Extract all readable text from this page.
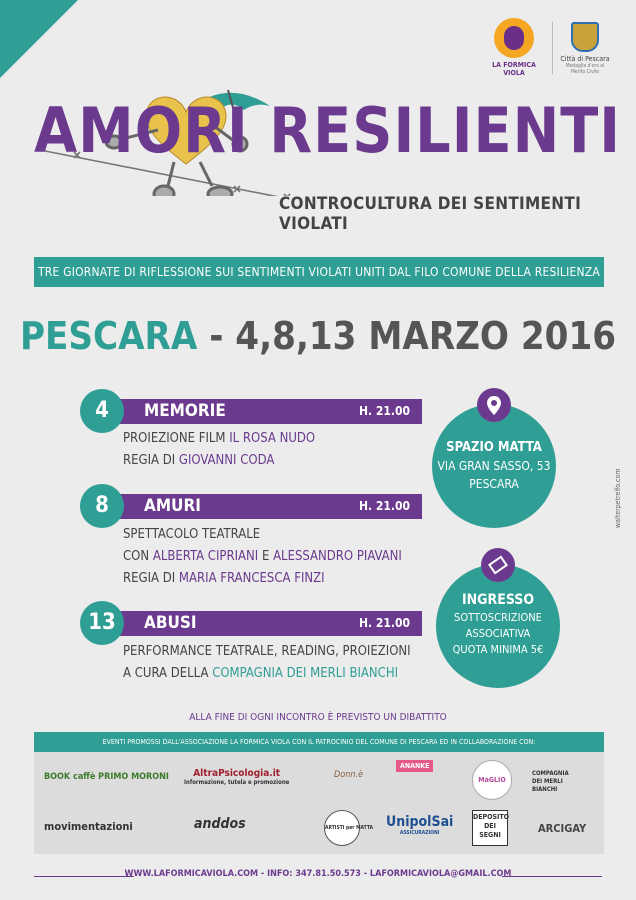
LA FORMICA VIOLA
Città di Pescara
Medaglia d'oro al Merito Civile
AMORI RESILIENTI
CONTROCULTURA DEI SENTIMENTI VIOLATI
TRE GIORNATE DI RIFLESSIONE SUI SENTIMENTI VIOLATI UNITI DAL FILO COMUNE DELLA RESILIENZA
PESCARA - 4,8,13 MARZO 2016
4	MEMORIE	H. 21.00
PROIEZIONE FILM IL ROSA NUDO
REGIA DI GIOVANNI CODA
8	AMURI	H. 21.00
SPETTACOLO TEATRALE
CON ALBERTA CIPRIANI E ALESSANDRO PIAVANI
REGIA DI MARIA FRANCESCA FINZI
13	ABUSI	H. 21.00
PERFORMANCE TEATRALE, READING, PROIEZIONI
A CURA DELLA COMPAGNIA DEI MERLI BIANCHI
SPAZIO MATTA
VIA GRAN SASSO, 53
PESCARA
INGRESSO
SOTTOSCRIZIONE
ASSOCIATIVA
QUOTA MINIMA 5€
walterpetrelfo.com
ALLA FINE DI OGNI INCONTRO È PREVISTO UN DIBATTITO
EVENTI PROMOSSI DALL'ASSOCIAZIONE LA FORMICA VIOLA CON IL PATROCINIO DEL COMUNE DI PESCARA ED IN COLLABORAZIONE CON:
BOOK caffè PRIMO MORONI	AltraPsicologia.it
Informazione, tutela e promozione
Donn.è
ANANKE
MaGLIO
COMPAGNIA DEI MERLI BIANCHI
movimentazioni	anddos	ARTISTI per MATTA UnipolSai
ASSICURAZIONI
DEPOSITO DEI SEGNI	ARCIGAY
WWW.LAFORMICAVIOLA.COM - INFO: 347.81.50.573 - LAFORMICAVIOLA@GMAIL.COM
